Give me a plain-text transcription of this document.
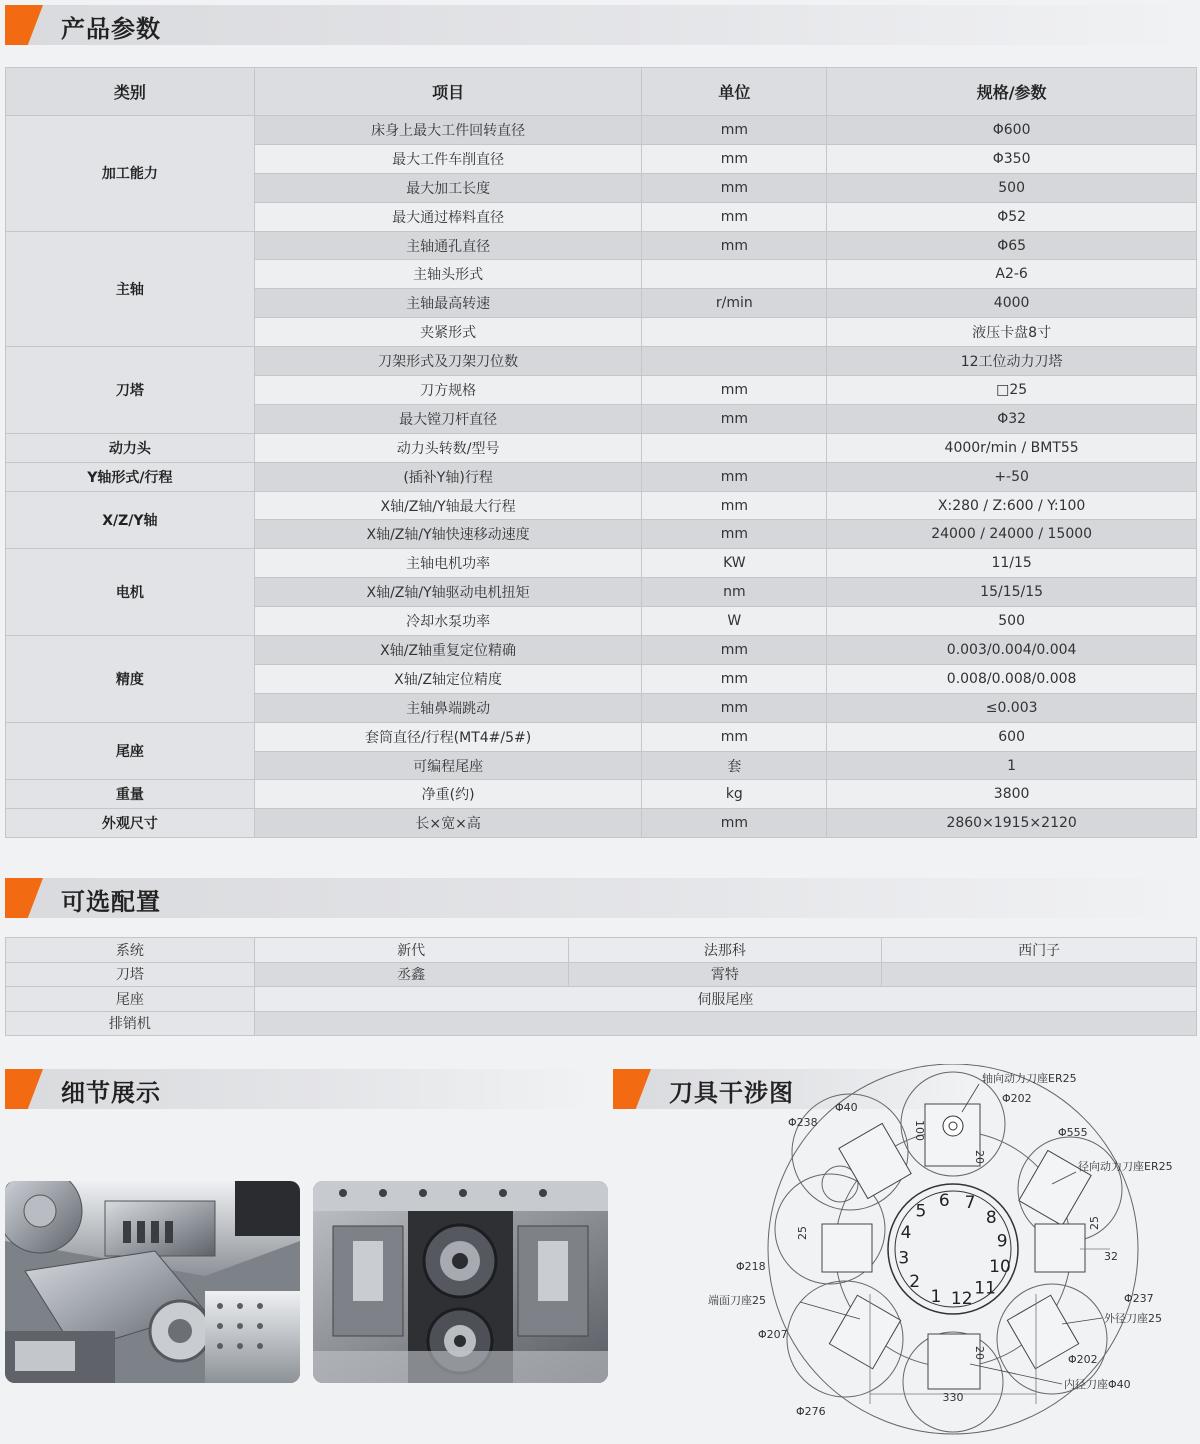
产品参数
类别	项目	单位	规格/参数
加工能力	床身上最大工件回转直径	mm	Φ600
	最大工件车削直径	mm	Φ350
	最大加工长度	mm	500
	最大通过棒料直径	mm	Φ52
主轴	主轴通孔直径	mm	Φ65
	主轴头形式		A2-6
	主轴最高转速	r/min	4000
	夹紧形式		液压卡盘8寸
刀塔	刀架形式及刀架刀位数		12工位动力刀塔
	刀方规格	mm	□25
	最大镗刀杆直径	mm	Φ32
动力头	动力头转数/型号		4000r/min / BMT55
Y轴形式/行程	(插补Y轴)行程	mm	+-50
X/Z/Y轴	X轴/Z轴/Y轴最大行程	mm	X:280 / Z:600 / Y:100
	X轴/Z轴/Y轴快速移动速度	mm	24000 / 24000 / 15000
电机	主轴电机功率	KW	11/15
	X轴/Z轴/Y轴驱动电机扭矩	nm	15/15/15
	冷却水泵功率	W	500
精度	X轴/Z轴重复定位精确	mm	0.003/0.004/0.004
	X轴/Z轴定位精度	mm	0.008/0.008/0.008
	主轴鼻端跳动	mm	≤0.003
尾座	套筒直径/行程(MT4#/5#)	mm	600
	可编程尾座	套	1
重量	净重(约)	kg	3800
外观尺寸	长×宽×高	mm	2860×1915×2120
可选配置
系统	新代	法那科	西门子
刀塔	丞鑫	霄特	
尾座	伺服尾座		
排销机			
细节展示	刀具干涉图
1
2
3
4
5
6 7
8
9
10
11
12
轴向动力刀座ER25
Φ202
Φ555
径向动力刀座ER25
Φ40
Φ238
Φ218
端面刀座25
Φ207
Φ237
外径刀座25
Φ202
内径刀座Φ40
Φ276
330
32
25
25
20
20
100
